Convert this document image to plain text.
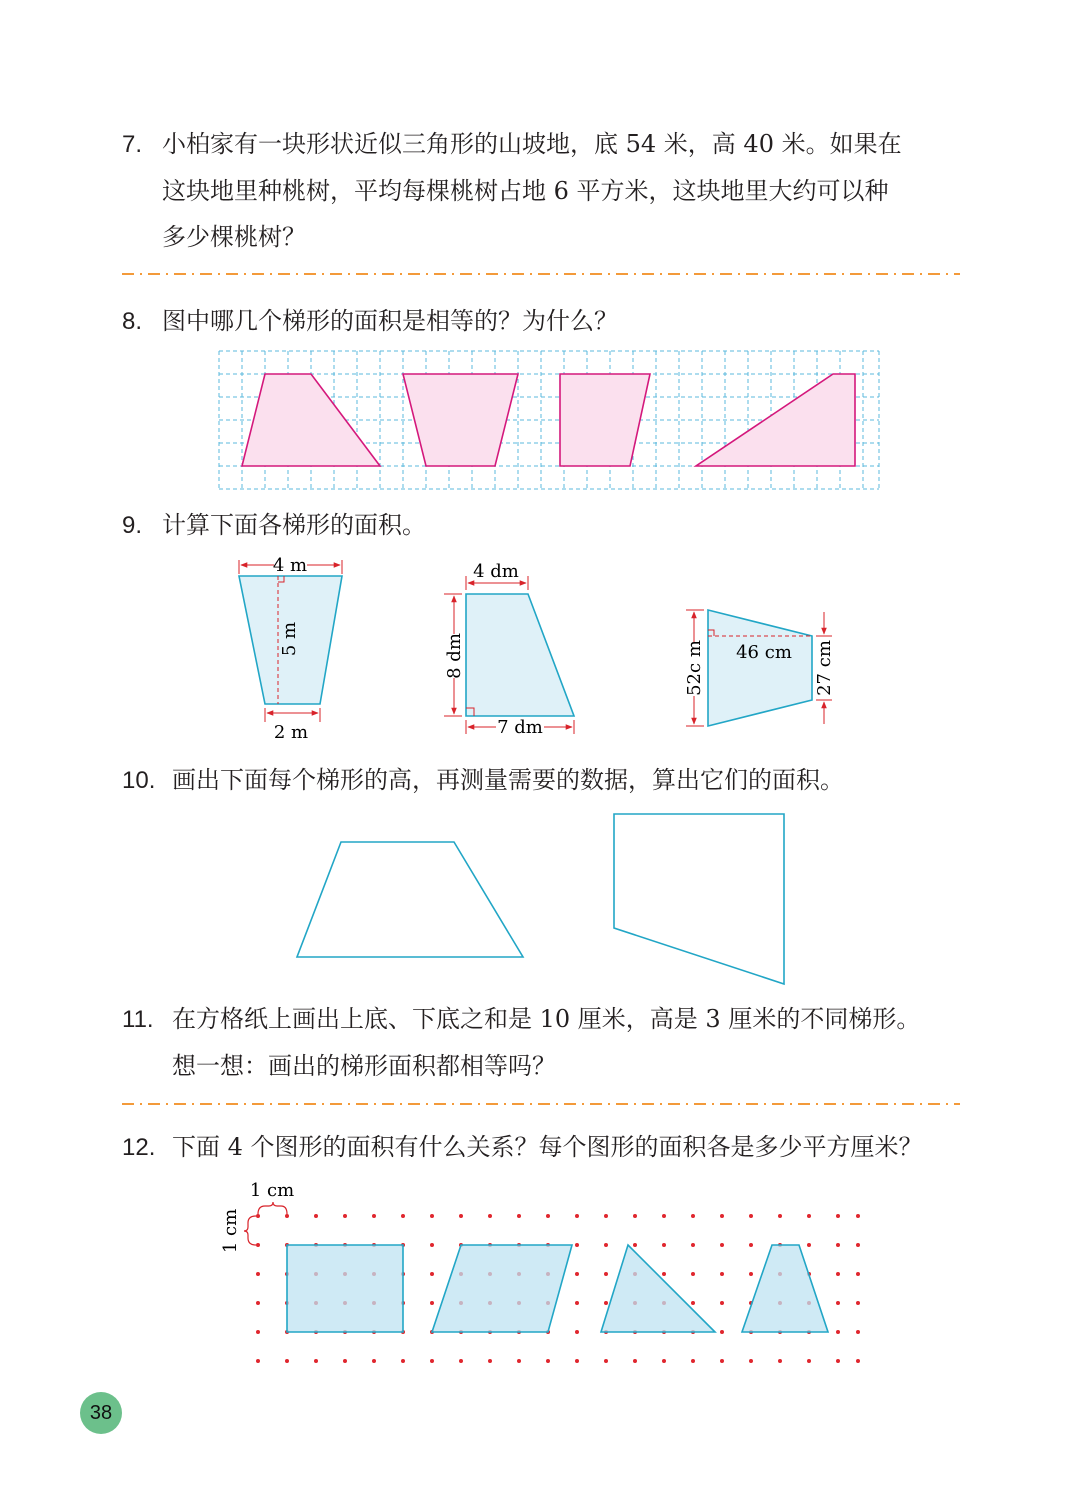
7. 小柏家有一块形状近似三角形的山坡地，底 54 米，高 40 米。如果在
这块地里种桃树，平均每棵桃树占地 6 平方米，这块地里大约可以种
多少棵桃树？
8. 图中哪几个梯形的面积是相等的？为什么？
9. 计算下面各梯形的面积。
4 m
5 m
2 m
4 dm
8 dm
7 dm
46 cm
52c m	27 cm
10. 画出下面每个梯形的高，再测量需要的数据，算出它们的面积。
11. 在方格纸上画出上底、下底之和是 10 厘米，高是 3 厘米的不同梯形。
想一想：画出的梯形面积都相等吗？
12. 下面 4 个图形的面积有什么关系？每个图形的面积各是多少平方厘米？
1 cm
1 cm
38
